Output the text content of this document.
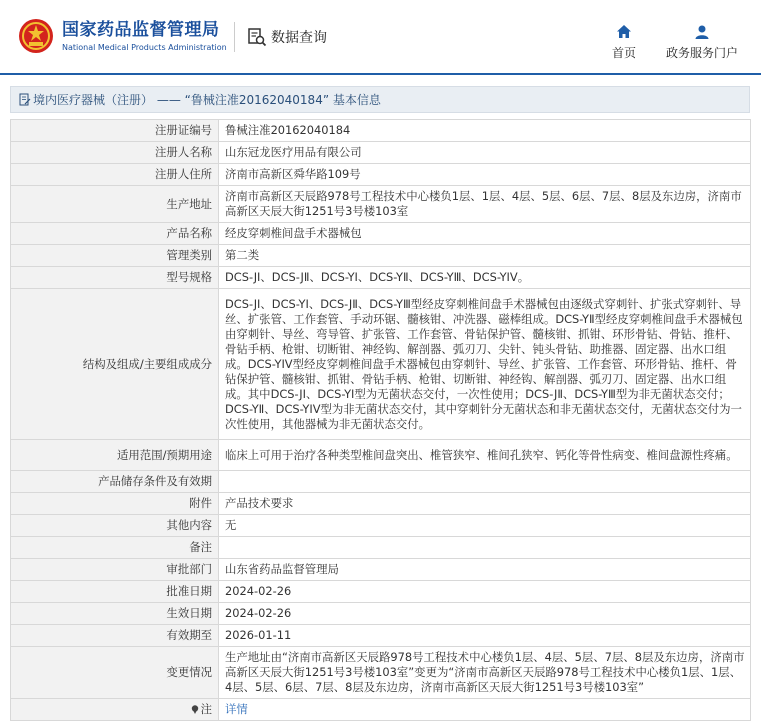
国家药品监督管理局
National Medical Products Administration
数据查询
首页	政务服务门户
境内医疗器械（注册） —— “鲁械注准20162040184” 基本信息
注册证编号	鲁械注准20162040184
注册人名称	山东冠龙医疗用品有限公司
注册人住所	济南市高新区舜华路109号
生产地址	济南市高新区天辰路978号工程技术中心楼负1层、1层、4层、5层、6层、7层、8层及东边房，济南市高新区天辰大街1251号3号楼103室
产品名称	经皮穿刺椎间盘手术器械包
管理类别	第二类
型号规格	DCS-JⅠ、DCS-JⅡ、DCS-YⅠ、DCS-YⅡ、DCS-YⅢ、DCS-YIV。
结构及组成/主要组成成分	DCS-JⅠ、DCS-YⅠ、DCS-JⅡ、DCS-YⅢ型经皮穿刺椎间盘手术器械包由逐级式穿刺针、扩张式穿刺针、导丝、扩张管、工作套管、手动环锯、髓核钳、冲洗器、磁棒组成。DCS-YⅡ型经皮穿刺椎间盘手术器械包由穿刺针、导丝、弯导管、扩张管、工作套管、骨钻保护管、髓核钳、抓钳、环形骨钻、骨钻、推杆、骨钻手柄、枪钳、切断钳、神经钩、解剖器、弧刃刀、尖针、钝头骨钻、助推器、固定器、出水口组成。DCS-YIV型经皮穿刺椎间盘手术器械包由穿刺针、导丝、扩张管、工作套管、环形骨钻、推杆、骨钻保护管、髓核钳、抓钳、骨钻手柄、枪钳、切断钳、神经钩、解剖器、弧刃刀、固定器、出水口组成。其中DCS-JⅠ、DCS-YⅠ型为无菌状态交付，一次性使用；DCS-JⅡ、DCS-YⅢ型为非无菌状态交付；DCS-YⅡ、DCS-YIV型为非无菌状态交付，其中穿刺针分无菌状态和非无菌状态交付，无菌状态交付为一次性使用，其他器械为非无菌状态交付。
适用范围/预期用途	临床上可用于治疗各种类型椎间盘突出、椎管狭窄、椎间孔狭窄、钙化等骨性病变、椎间盘源性疼痛。
产品储存条件及有效期	
附件	产品技术要求
其他内容	无
备注	
审批部门	山东省药品监督管理局
批准日期	2024-02-26
生效日期	2024-02-26
有效期至	2026-01-11
变更情况	生产地址由“济南市高新区天辰路978号工程技术中心楼负1层、4层、5层、7层、8层及东边房，济南市高新区天辰大街1251号3号楼103室”变更为“济南市高新区天辰路978号工程技术中心楼负1层、1层、4层、5层、6层、7层、8层及东边房，济南市高新区天辰大街1251号3号楼103室”
注	详情
